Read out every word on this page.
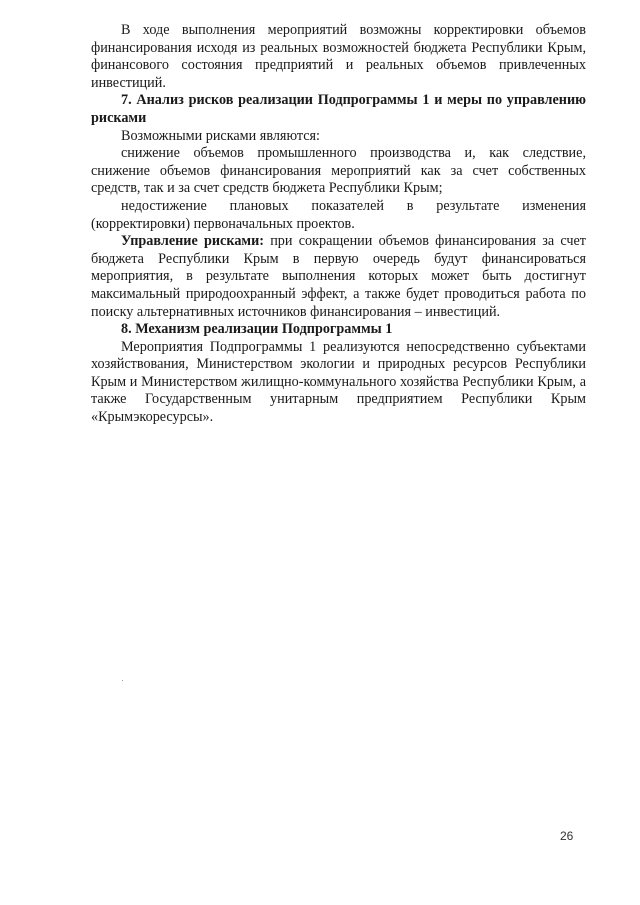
В ходе выполнения мероприятий возможны корректировки объемов финансирования исходя из реальных возможностей бюджета Республики Крым, финансового состояния предприятий и реальных объемов привлеченных инвестиций.

7. Анализ рисков реализации Подпрограммы 1 и меры по управлению рисками

Возможными рисками являются:

снижение объемов промышленного производства и, как следствие, снижение объемов финансирования мероприятий как за счет собственных средств, так и за счет средств бюджета Республики Крым;

недостижение плановых показателей в результате изменения (корректировки) первоначальных проектов.

Управление рисками: при сокращении объемов финансирования за счет бюджета Республики Крым в первую очередь будут финансироваться мероприятия, в результате выполнения которых может быть достигнут максимальный природоохранный эффект, а также будет проводиться работа по поиску альтернативных источников финансирования – инвестиций.

8. Механизм реализации Подпрограммы 1

Мероприятия Подпрограммы 1 реализуются непосредственно субъектами хозяйствования, Министерством экологии и природных ресурсов Республики Крым и Министерством жилищно-коммунального хозяйства Республики Крым, а также Государственным унитарным предприятием Республики Крым «Крымэкоресурсы».

26
